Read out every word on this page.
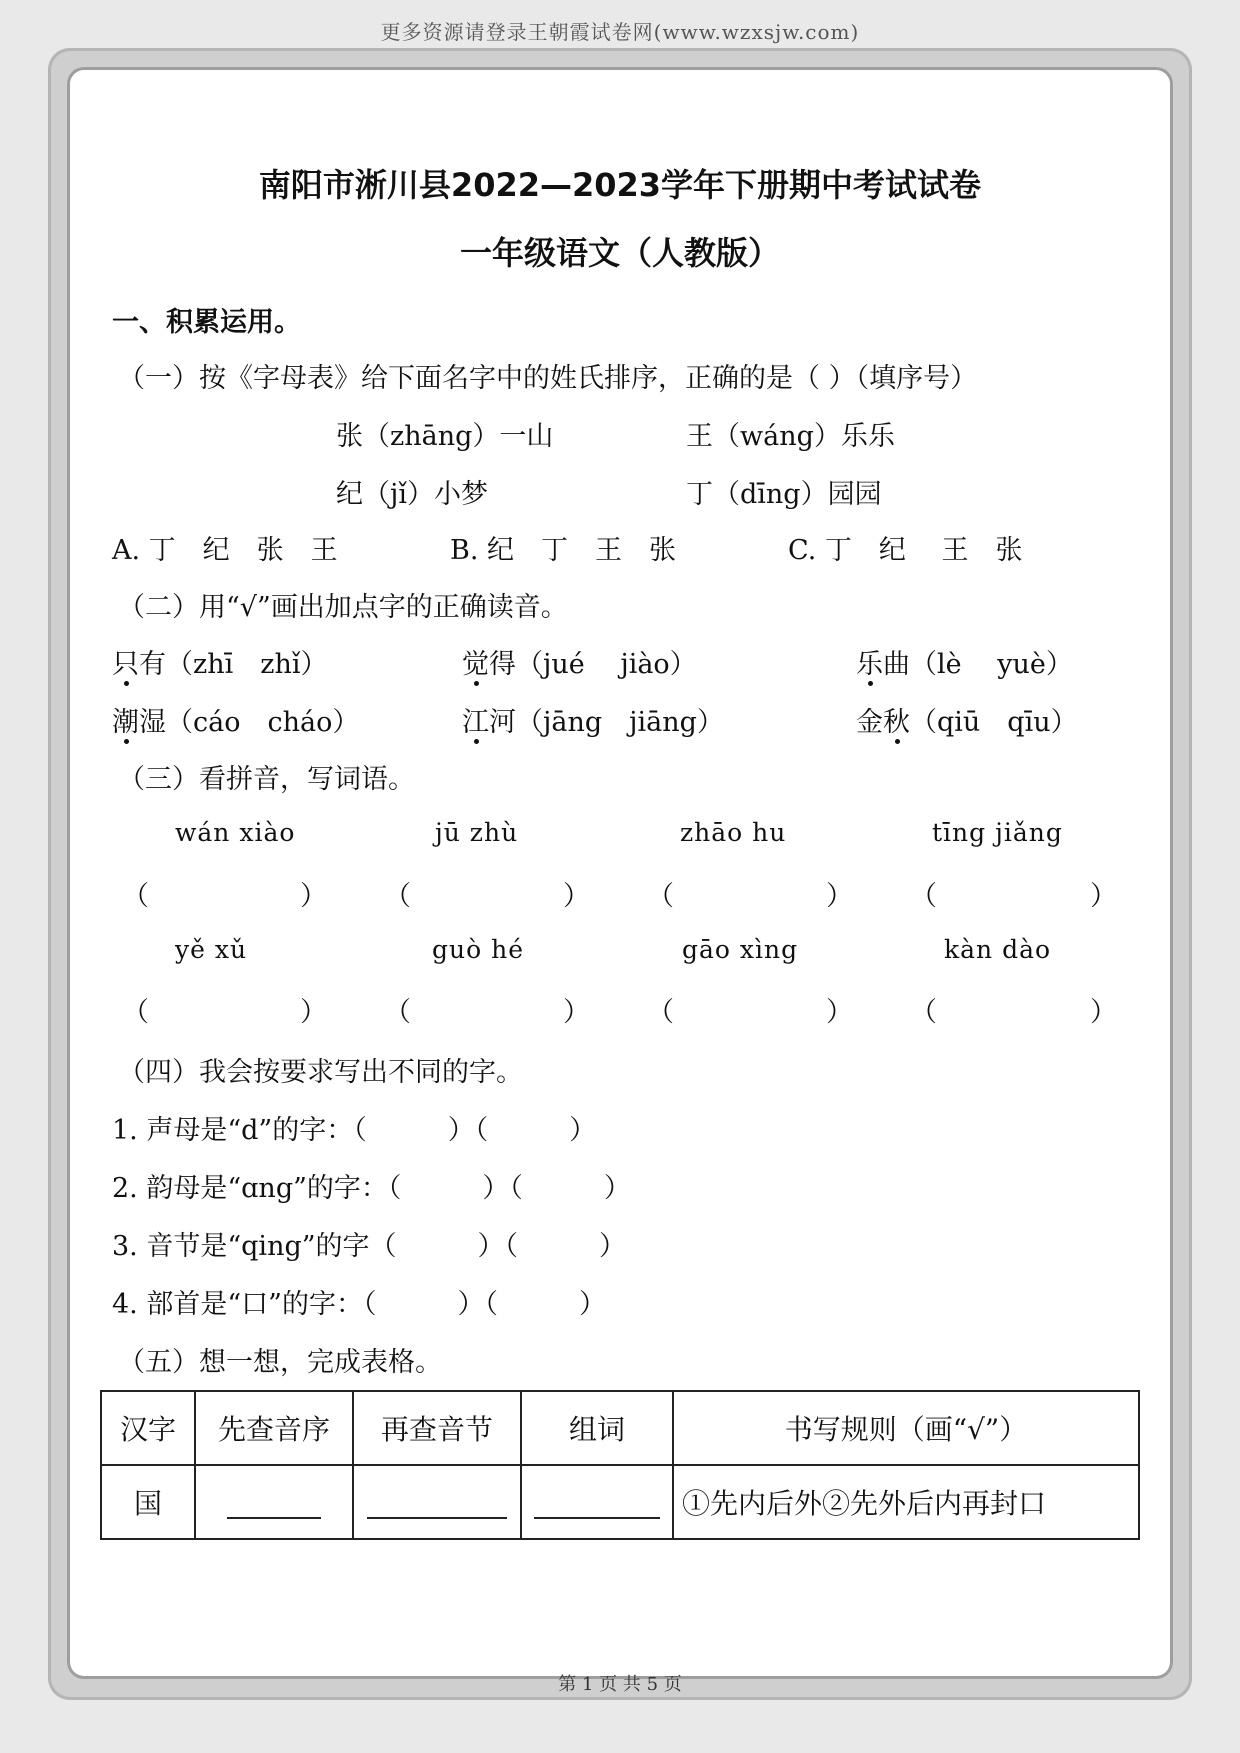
更多资源请登录王朝霞试卷网(www.wzxsjw.com)
南阳市淅川县2022—2023学年下册期中考试试卷
一年级语文（人教版）
一、积累运用。
（一）按《字母表》给下面名字中的姓氏排序，正确的是（ ）（填序号）
张（zhāng）一山	王（wáng）乐乐
纪（jǐ）小梦	丁（dīng）园园
A. 丁　纪　张　王	B. 纪　丁　王　张	C. 丁　纪　 王　张
（二）用“√”画出加点字的正确读音。
只有（zhī　zhǐ）	觉得（jué　 jiào）	乐曲（lè　 yuè）
潮湿（cáo　cháo）	江河（jāng　jiāng）	金秋（qiū　qīu）
（三）看拼音，写词语。
wán xiào	jū zhù	zhāo hu	tīng jiǎng
（	） （	） （	） （	）
yě xǔ	guò hé	gāo xìng	kàn dào
（	） （	） （	） （	）
（四）我会按要求写出不同的字。
1. 声母是“d”的字：（　　　）（　　　）
2. 韵母是“ɑng”的字：（　　　）（　　　）
3. 音节是“qing”的字（　　　）（　　　）
4. 部首是“口”的字：（　　　）（　　　）
（五）想一想，完成表格。
汉字	先查音序	再查音节	组词	书写规则（画“√”）
国				①先内后外②先外后内再封口
第 1 页 共 5 页
